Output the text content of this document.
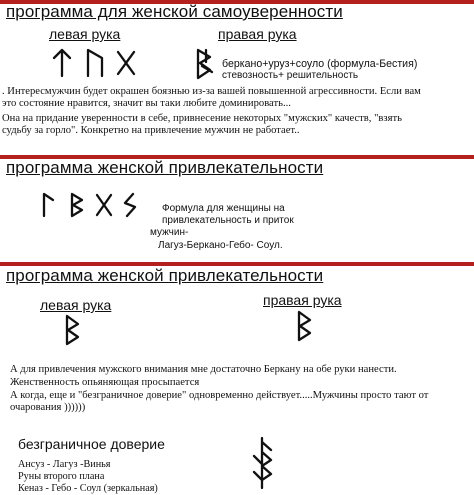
программа для женской самоуверенности
левая рука	правая рука
беркано+уруз+соуло (формула-Бестия)
стевозность+ решительность
. Интересмужчин будет окрашен боязнью из-за вашей повышенной агрессивности. Если вам
это состояние нравится, значит вы таки любите доминировать...
Она на придание уверенности в себе, привнесение некоторых "мужских" качеств, "взять
судьбу за горло". Конкретно на привлечение мужчин не работает..
программа женской привлекательности
Формула для женщины на
привлекательность и приток
мужчин-
Лагуз-Беркано-Гебо- Соул.
программа женской привлекательности
левая рука	правая рука
А для привлечения мужского внимания мне достаточно Беркану на обе руки нанести.
Женственность опьяняющая просыпается
А когда, еще и "безграничное доверие" одновременно действует.....Мужчины просто тают от
очарования ))))))
безграничное доверие
Ансуз - Лагуз -Винья
Руны второго плана
Кеназ - Гебо - Соул (зеркальная)
